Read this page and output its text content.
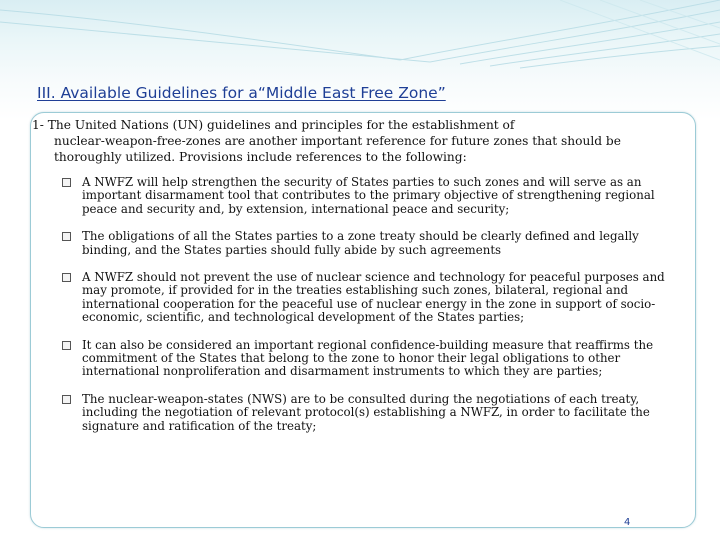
III. Available Guidelines for a“Middle East Free Zone”
1- The United Nations (UN) guidelines and principles for the establishment of
nuclear-weapon-free-zones are another important reference for future zones that should be thoroughly utilized. Provisions include references to the following:
A NWFZ will help strengthen the security of States parties to such zones and will serve as an important disarmament tool that contributes to the primary objective of strengthening regional peace and security and, by extension, international peace and security;
The obligations of all the States parties to a zone treaty should be clearly defined and legally binding, and the States parties should fully abide by such agreements
A NWFZ should not prevent the use of nuclear science and technology for peaceful purposes and may promote, if provided for in the treaties establishing such zones, bilateral, regional and international cooperation for the peaceful use of nuclear energy in the zone in support of socio-economic, scientific, and technological development of the States parties;
It can also be considered an important regional confidence-building measure that reaffirms the commitment of the States that belong to the zone to honor their legal obligations to other international nonproliferation and disarmament instruments to which they are parties;
The nuclear-weapon-states (NWS) are to be consulted during the negotiations of each treaty, including the negotiation of relevant protocol(s) establishing a NWFZ, in order to facilitate the signature and ratification of the treaty;
4
